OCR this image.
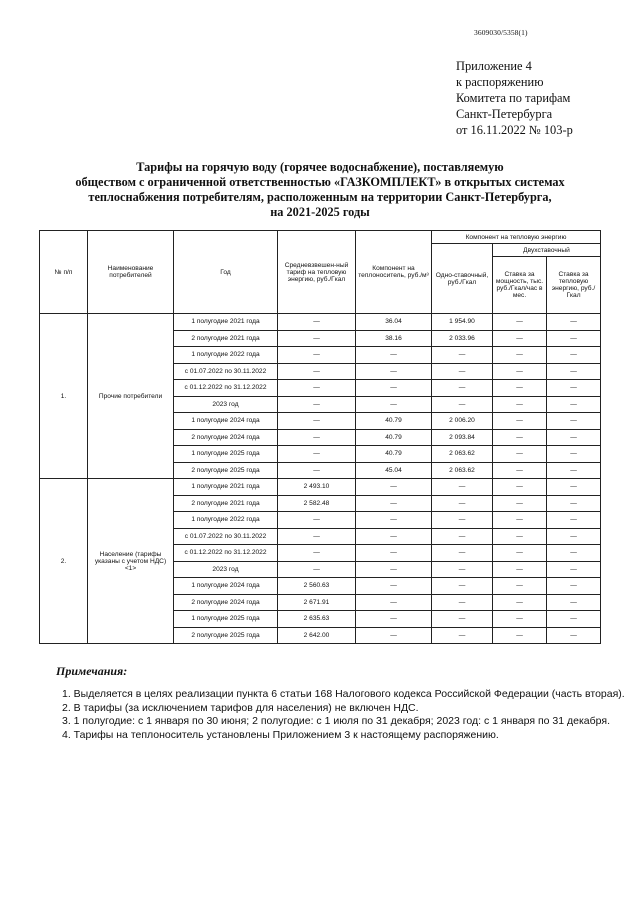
3609030/5358(1)
Приложение 4
к распоряжению
Комитета по тарифам
Санкт-Петербурга
от 16.11.2022 № 103-р
Тарифы на горячую воду (горячее водоснабжение), поставляемую
обществом с ограниченной ответственностью «ГАЗКОМПЛЕКТ» в открытых системах
теплоснабжения потребителям, расположенным на территории Санкт-Петербурга,
на 2021-2025 годы
№ п/п	Наименование потребителей	Год	Средневзвешен-ный тариф на тепловую энергию, руб./Гкал	Компонент на теплоноситель, руб./м³	Компонент на тепловую энергию		
					Одно-ставочный, руб./Гкал	Двухставочный	
						Ставка за мощность, тыс. руб./Гкал/час в мес.	Ставка за тепловую энергию, руб./Гкал
1.	Прочие потребители	1 полугодие 2021 года	—	36.04	1 954.90	—	—
		2 полугодие 2021 года	—	38.16	2 033.96	—	—
		1 полугодие 2022 года	—	—	—	—	—
		с 01.07.2022 по 30.11.2022	—	—	—	—	—
		с 01.12.2022 по 31.12.2022	—	—	—	—	—
		2023 год	—	—	—	—	—
		1 полугодие 2024 года	—	40.79	2 006.20	—	—
		2 полугодие 2024 года	—	40.79	2 093.84	—	—
		1 полугодие 2025 года	—	40.79	2 063.62	—	—
		2 полугодие 2025 года	—	45.04	2 063.62	—	—
2.	Население (тарифы указаны с учетом НДС) <1>	1 полугодие 2021 года	2 493.10	—	—	—	—
		2 полугодие 2021 года	2 582.48	—	—	—	—
		1 полугодие 2022 года	—	—	—	—	—
		с 01.07.2022 по 30.11.2022	—	—	—	—	—
		с 01.12.2022 по 31.12.2022	—	—	—	—	—
		2023 год	—	—	—	—	—
		1 полугодие 2024 года	2 560.63	—	—	—	—
		2 полугодие 2024 года	2 671.91	—	—	—	—
		1 полугодие 2025 года	2 635.63	—	—	—	—
		2 полугодие 2025 года	2 642.00	—	—	—	—
Примечания:
1. Выделяется в целях реализации пункта 6 статьи 168 Налогового кодекса Российской Федерации (часть вторая).
2. В тарифы (за исключением тарифов для населения) не включен НДС.
3. 1 полугодие: с 1 января по 30 июня; 2 полугодие: с 1 июля по 31 декабря; 2023 год: с 1 января по 31 декабря.
4. Тарифы на теплоноситель установлены Приложением 3 к настоящему распоряжению.
